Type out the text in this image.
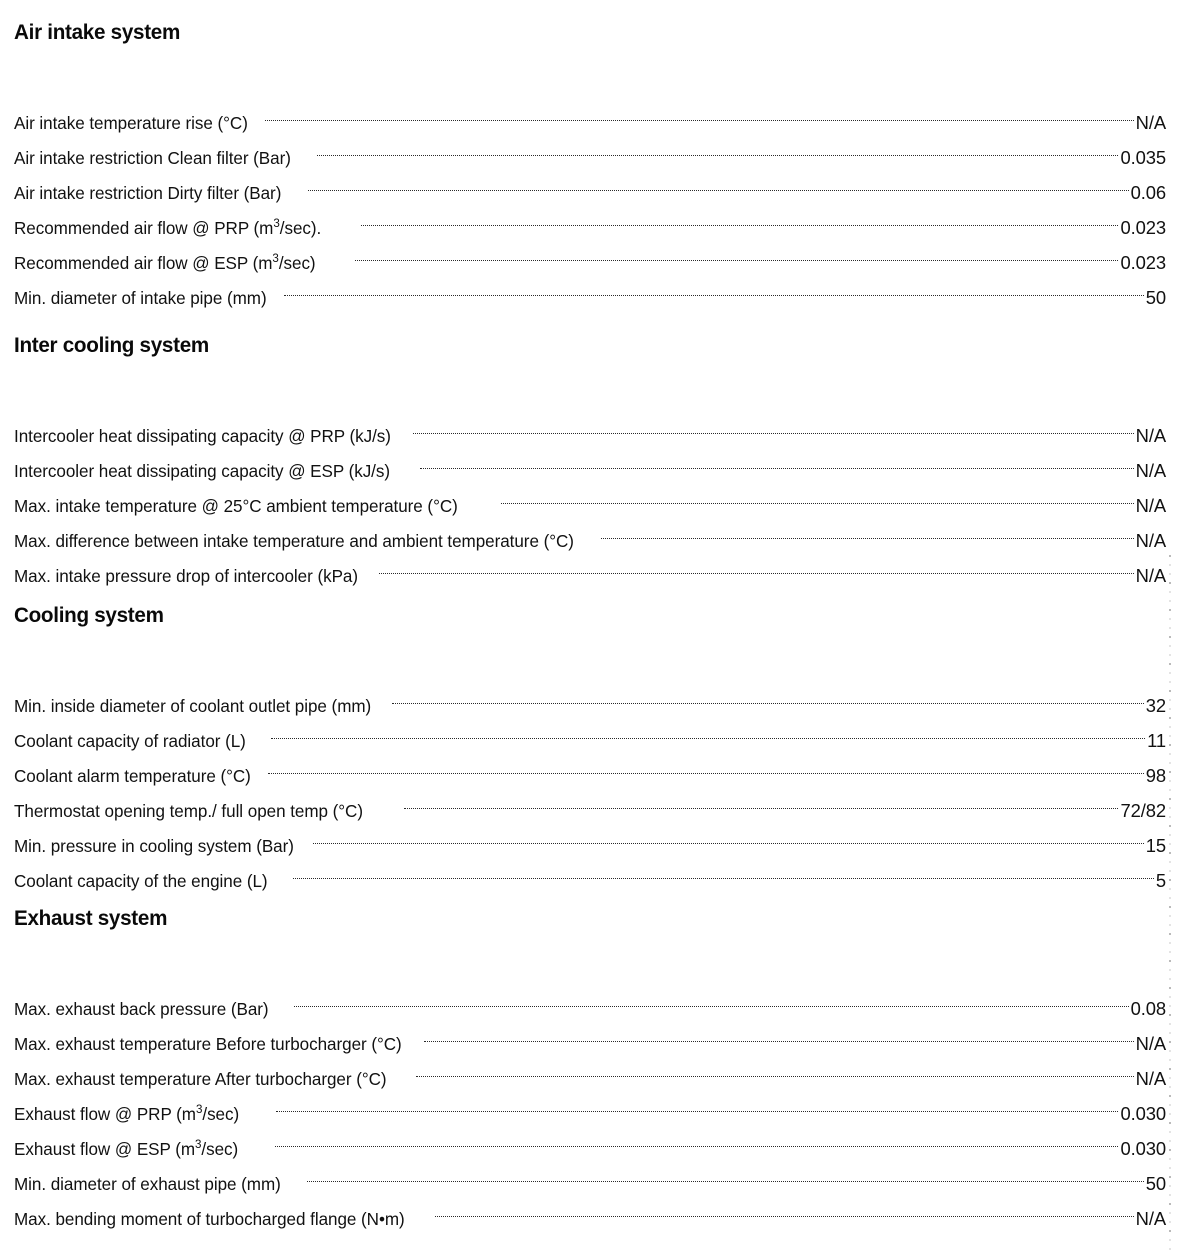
Air intake system
Air intake temperature rise (°C)	N/A
Air intake restriction Clean filter (Bar)	0.035
Air intake restriction Dirty filter (Bar)	0.06
Recommended air flow @ PRP $(m^3/\sec)$.	0.023
Recommended air flow @ ESP $(m^3/\sec)$	0.023
Min. diameter of intake pipe (mm)	50
Inter cooling system
Intercooler heat dissipating capacity @ PRP (kJ/s)	N/A
Intercooler heat dissipating capacity @ ESP (kJ/s)	N/A
Max. intake temperature @ 25°C ambient temperature (°C)	N/A
Max. difference between intake temperature and ambient temperature (°C)	N/A
Max. intake pressure drop of intercooler (kPa)	N/A
Cooling system
Min. inside diameter of coolant outlet pipe (mm)	32
Coolant capacity of radiator (L)	11
Coolant alarm temperature (°C)	98
Thermostat opening temp./ full open temp (°C)	72/82
Min. pressure in cooling system (Bar)	15
Coolant capacity of the engine (L)	5
Exhaust system
Max. exhaust back pressure (Bar)	0.08
Max. exhaust temperature Before turbocharger (°C)	N/A
Max. exhaust temperature After turbocharger (°C)	N/A
Exhaust flow @ PRP $(m^3/\sec)$	0.030
Exhaust flow @ ESP $(m^3/\sec)$	0.030
Min. diameter of exhaust pipe (mm)	50
Max. bending moment of turbocharged flange (N•m)	N/A
